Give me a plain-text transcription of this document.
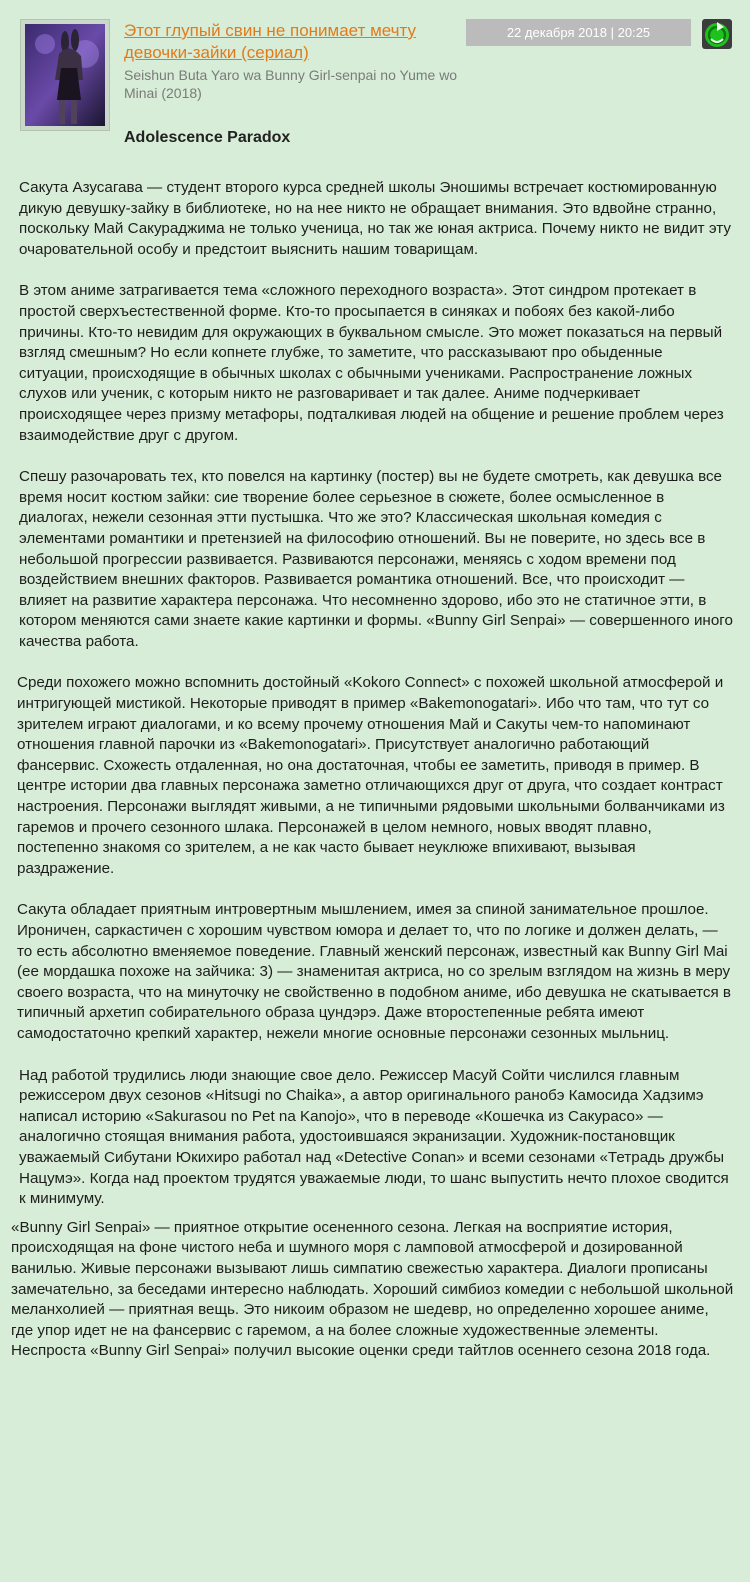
Этот глупый свин не понимает мечту девочки-зайки (сериал)
Seishun Buta Yaro wa Bunny Girl-senpai no Yume wo Minai (2018)
22 декабря 2018 | 20:25
Adolescence Paradox

Сакута Азусагава — студент второго курса средней школы Эношимы встречает костюмированную дикую девушку-зайку в библиотеке, но на нее никто не обращает внимания. Это вдвойне странно, поскольку Май Сакураджима не только ученица, но так же юная актриса. Почему никто не видит эту очаровательной особу и предстоит выяснить нашим товарищам.

В этом аниме затрагивается тема «сложного переходного возраста». Этот синдром протекает в простой сверхъестественной форме. Кто-то просыпается в синяках и побоях без какой-либо причины. Кто-то невидим для окружающих в буквальном смысле. Это может показаться на первый взгляд смешным? Но если копнете глубже, то заметите, что рассказывают про обыденные ситуации, происходящие в обычных школах с обычными учениками. Распространение ложных слухов или ученик, с которым никто не разговаривает и так далее. Аниме подчеркивает происходящее через призму метафоры, подталкивая людей на общение и решение проблем через взаимодействие друг с другом.

Спешу разочаровать тех, кто повелся на картинку (постер) вы не будете смотреть, как девушка все время носит костюм зайки: сие творение более серьезное в сюжете, более осмысленное в диалогах, нежели сезонная этти пустышка. Что же это? Классическая школьная комедия с элементами романтики и претензией на философию отношений. Вы не поверите, но здесь все в небольшой прогрессии развивается. Развиваются персонажи, меняясь с ходом времени под воздействием внешних факторов. Развивается романтика отношений. Все, что происходит — влияет на развитие характера персонажа. Что несомненно здорово, ибо это не статичное этти, в котором меняются сами знаете какие картинки и формы. «Bunny Girl Senpai» — совершенного иного качества работа.

Среди похожего можно вспомнить достойный «Kokoro Connect» с похожей школьной атмосферой и интригующей мистикой. Некоторые приводят в пример «Bakemonogatari». Ибо что там, что тут со зрителем играют диалогами, и ко всему прочему отношения Май и Сакуты чем-то напоминают отношения главной парочки из «Bakemonogatari». Присутствует аналогично работающий фансервис. Схожесть отдаленная, но она достаточная, чтобы ее заметить, приводя в пример. В центре истории два главных персонажа заметно отличающихся друг от друга, что создает контраст настроения. Персонажи выглядят живыми, а не типичными рядовыми школьными болванчиками из гаремов и прочего сезонного шлака. Персонажей в целом немного, новых вводят плавно, постепенно знакомя со зрителем, а не как часто бывает неуклюже впихивают, вызывая раздражение.

Сакута обладает приятным интровертным мышлением, имея за спиной занимательное прошлое. Ироничен, саркастичен с хорошим чувством юмора и делает то, что по логике и должен делать, — то есть абсолютно вменяемое поведение. Главный женский персонаж, известный как Bunny Girl Mai (ее мордашка похоже на зайчика: 3) — знаменитая актриса, но со зрелым взглядом на жизнь в меру своего возраста, что на минуточку не свойственно в подобном аниме, ибо девушка не скатывается в типичный архетип собирательного образа цундэрэ. Даже второстепенные ребята имеют самодостаточно крепкий характер, нежели многие основные персонажи сезонных мыльниц.

Над работой трудились люди знающие свое дело. Режиссер Масуй Сойти числился главным режиссером двух сезонов «Hitsugi no Chaika», а автор оригинального ранобэ Камосида Хадзимэ написал историю «Sakurasou no Pet na Kanojo», что в переводе «Кошечка из Сакурасо» — аналогично стоящая внимания работа, удостоившаяся экранизации. Художник-постановщик уважаемый Сибутани Юкихиро работал над «Detective Conan» и всеми сезонами «Тетрадь дружбы Нацумэ». Когда над проектом трудятся уважаемые люди, то шанс выпустить нечто плохое сводится к минимуму.

«Bunny Girl Senpai» — приятное открытие осененного сезона. Легкая на восприятие история, происходящая на фоне чистого неба и шумного моря с ламповой атмосферой и дозированной ванилью. Живые персонажи вызывают лишь симпатию свежестью характера. Диалоги прописаны замечательно, за беседами интересно наблюдать. Хороший симбиоз комедии с небольшой школьной меланхолией — приятная вещь. Это никоим образом не шедевр, но определенно хорошее аниме, где упор идет не на фансервис с гаремом, а на более сложные художественные элементы. Неспроста «Bunny Girl Senpai» получил высокие оценки среди тайтлов осеннего сезона 2018 года.
